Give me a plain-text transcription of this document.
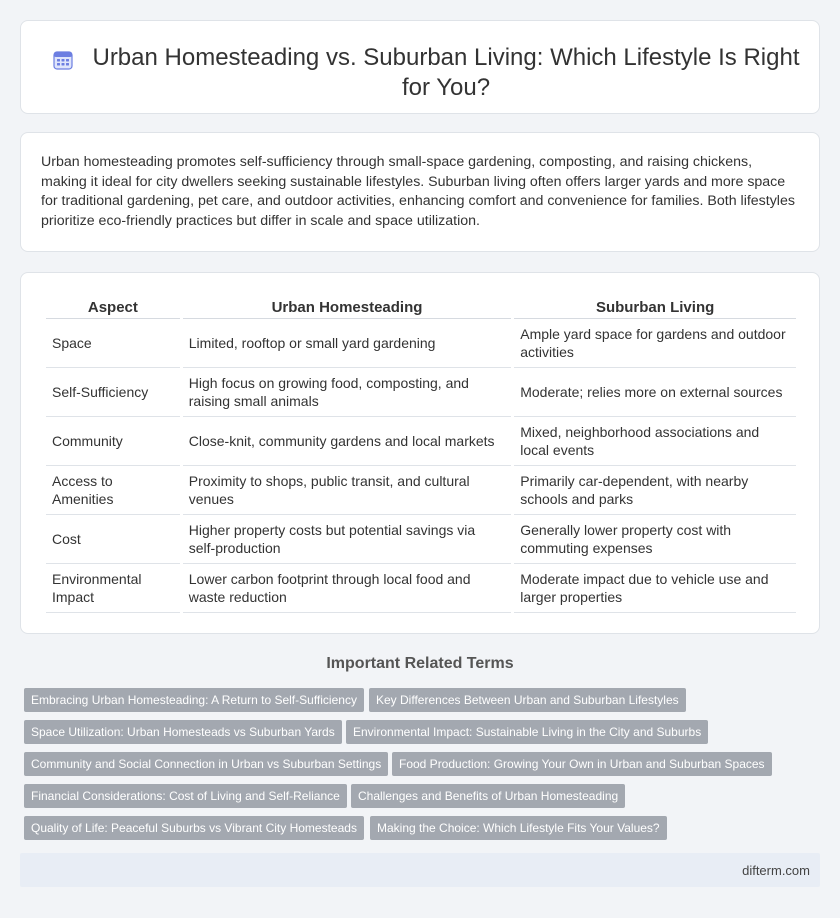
Urban Homesteading vs. Suburban Living: Which Lifestyle Is Right for You?

Urban homesteading promotes self-sufficiency through small-space gardening, composting, and raising chickens, making it ideal for city dwellers seeking sustainable lifestyles. Suburban living often offers larger yards and more space for traditional gardening, pet care, and outdoor activities, enhancing comfort and convenience for families. Both lifestyles prioritize eco-friendly practices but differ in scale and space utilization.

Aspect	Urban Homesteading	Suburban Living
Space	Limited, rooftop or small yard gardening	Ample yard space for gardens and outdoor activities
Self-Sufficiency	High focus on growing food, composting, and raising small animals	Moderate; relies more on external sources
Community	Close-knit, community gardens and local markets	Mixed, neighborhood associations and local events
Access to Amenities	Proximity to shops, public transit, and cultural venues	Primarily car-dependent, with nearby schools and parks
Cost	Higher property costs but potential savings via self-production	Generally lower property cost with commuting expenses
Environmental Impact	Lower carbon footprint through local food and waste reduction	Moderate impact due to vehicle use and larger properties
Important Related Terms
Embracing Urban Homesteading: A Return to Self-Sufficiency	Key Differences Between Urban and Suburban Lifestyles
Space Utilization: Urban Homesteads vs Suburban Yards	Environmental Impact: Sustainable Living in the City and Suburbs
Community and Social Connection in Urban vs Suburban Settings	Food Production: Growing Your Own in Urban and Suburban Spaces
Financial Considerations: Cost of Living and Self-Reliance	Challenges and Benefits of Urban Homesteading
Quality of Life: Peaceful Suburbs vs Vibrant City Homesteads	Making the Choice: Which Lifestyle Fits Your Values?
difterm.com
